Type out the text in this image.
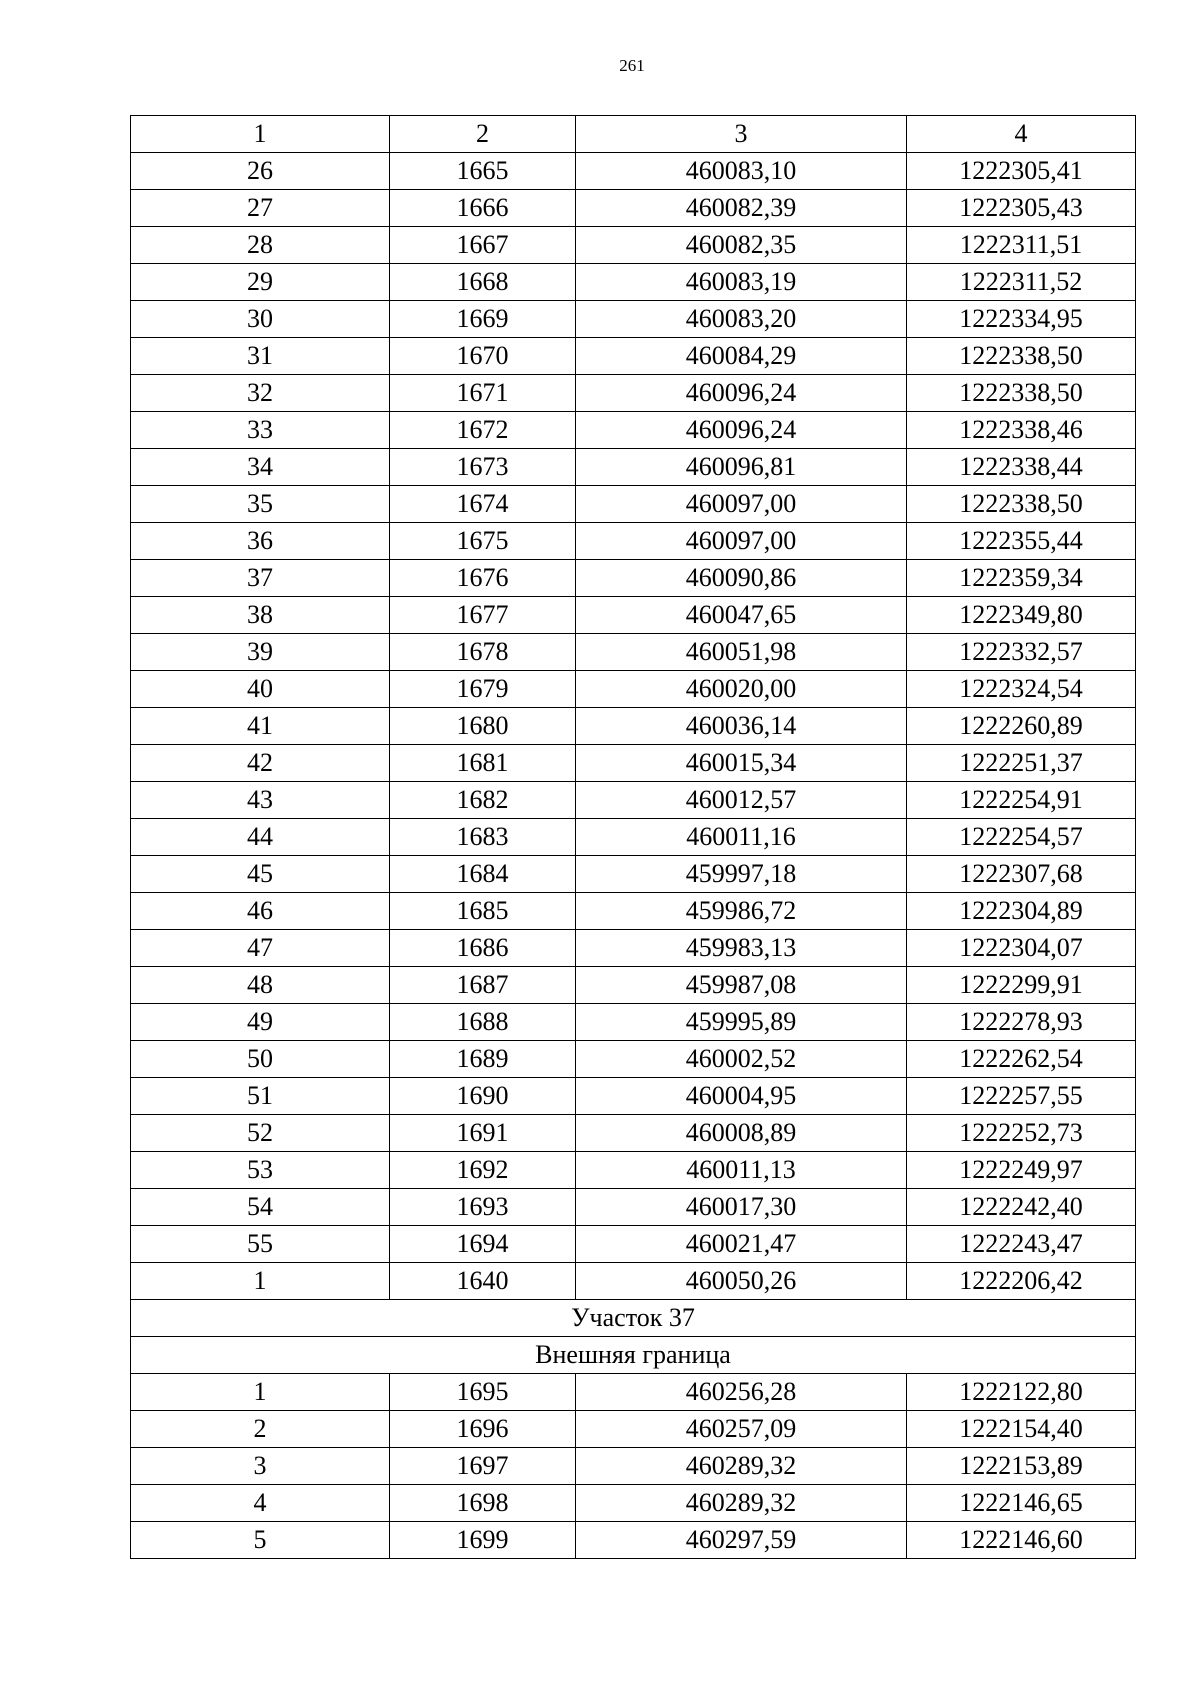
261
1	2	3	4
26	1665	460083,10	1222305,41
27	1666	460082,39	1222305,43
28	1667	460082,35	1222311,51
29	1668	460083,19	1222311,52
30	1669	460083,20	1222334,95
31	1670	460084,29	1222338,50
32	1671	460096,24	1222338,50
33	1672	460096,24	1222338,46
34	1673	460096,81	1222338,44
35	1674	460097,00	1222338,50
36	1675	460097,00	1222355,44
37	1676	460090,86	1222359,34
38	1677	460047,65	1222349,80
39	1678	460051,98	1222332,57
40	1679	460020,00	1222324,54
41	1680	460036,14	1222260,89
42	1681	460015,34	1222251,37
43	1682	460012,57	1222254,91
44	1683	460011,16	1222254,57
45	1684	459997,18	1222307,68
46	1685	459986,72	1222304,89
47	1686	459983,13	1222304,07
48	1687	459987,08	1222299,91
49	1688	459995,89	1222278,93
50	1689	460002,52	1222262,54
51	1690	460004,95	1222257,55
52	1691	460008,89	1222252,73
53	1692	460011,13	1222249,97
54	1693	460017,30	1222242,40
55	1694	460021,47	1222243,47
1	1640	460050,26	1222206,42
Участок 37			
Внешняя граница			
1	1695	460256,28	1222122,80
2	1696	460257,09	1222154,40
3	1697	460289,32	1222153,89
4	1698	460289,32	1222146,65
5	1699	460297,59	1222146,60
